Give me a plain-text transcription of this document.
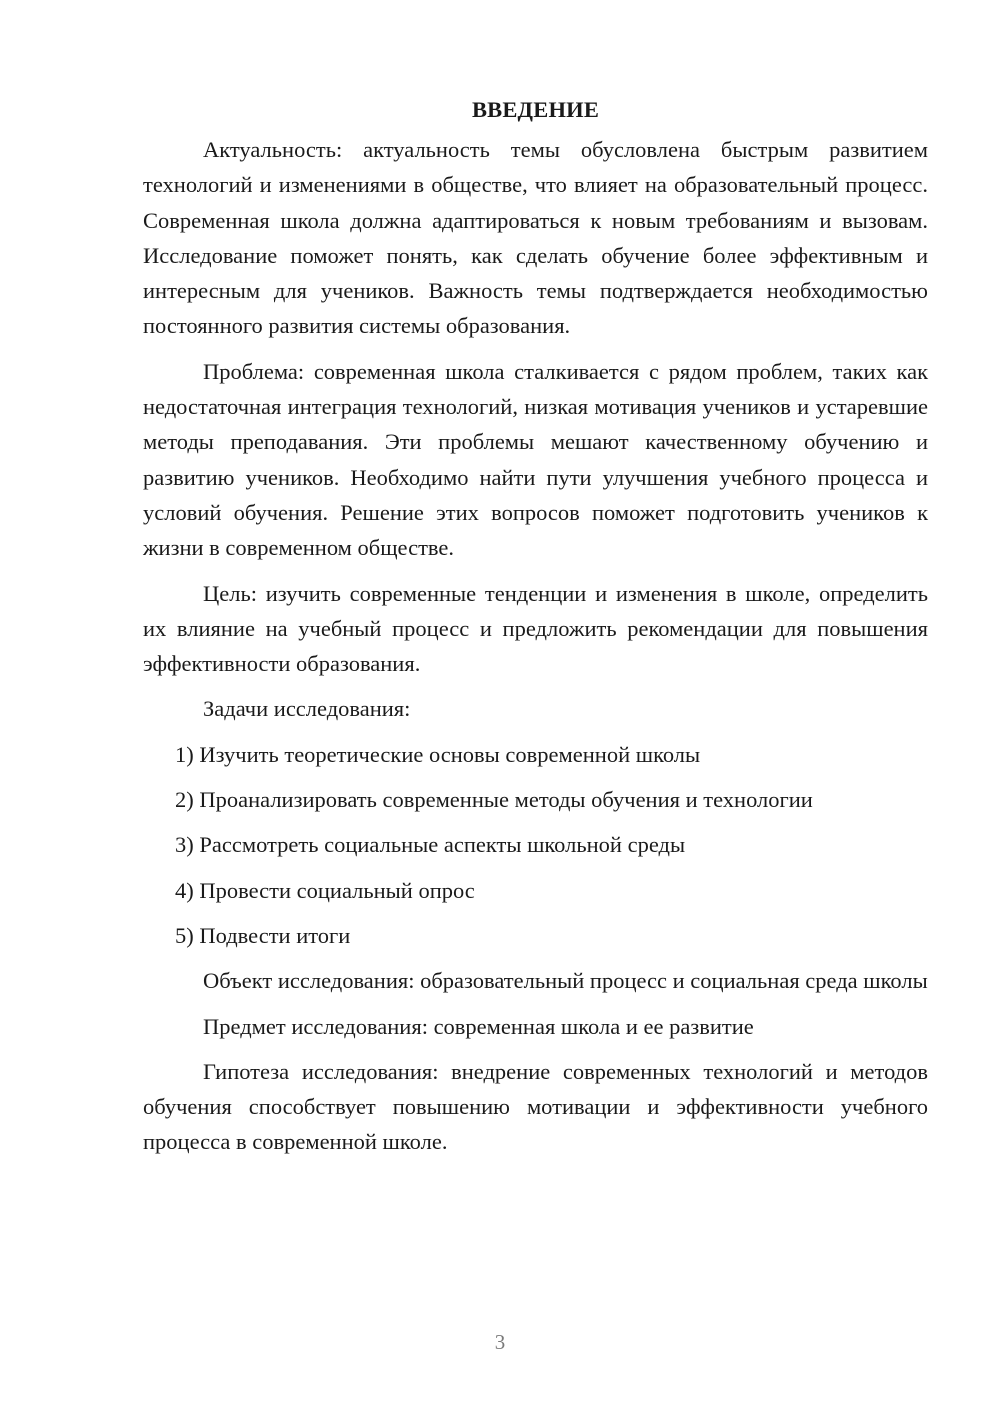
ВВЕДЕНИЕ

Актуальность: актуальность темы обусловлена быстрым развитием технологий и изменениями в обществе, что влияет на образовательный процесс. Современная школа должна адаптироваться к новым требованиям и вызовам. Исследование поможет понять, как сделать обучение более эффективным и интересным для учеников. Важность темы подтверждается необходимостью постоянного развития системы образования.

Проблема: современная школа сталкивается с рядом проблем, таких как недостаточная интеграция технологий, низкая мотивация учеников и устаревшие методы преподавания. Эти проблемы мешают качественному обучению и развитию учеников. Необходимо найти пути улучшения учебного процесса и условий обучения. Решение этих вопросов поможет подготовить учеников к жизни в современном обществе.

Цель: изучить современные тенденции и изменения в школе, определить их влияние на учебный процесс и предложить рекомендации для повышения эффективности образования.

Задачи исследования:

1) Изучить теоретические основы современной школы

2) Проанализировать современные методы обучения и технологии

3) Рассмотреть социальные аспекты школьной среды

4) Провести социальный опрос

5) Подвести итоги

Объект исследования: образовательный процесс и социальная среда школы

Предмет исследования: современная школа и ее развитие

Гипотеза исследования: внедрение современных технологий и методов обучения способствует повышению мотивации и эффективности учебного процесса в современной школе.

3
